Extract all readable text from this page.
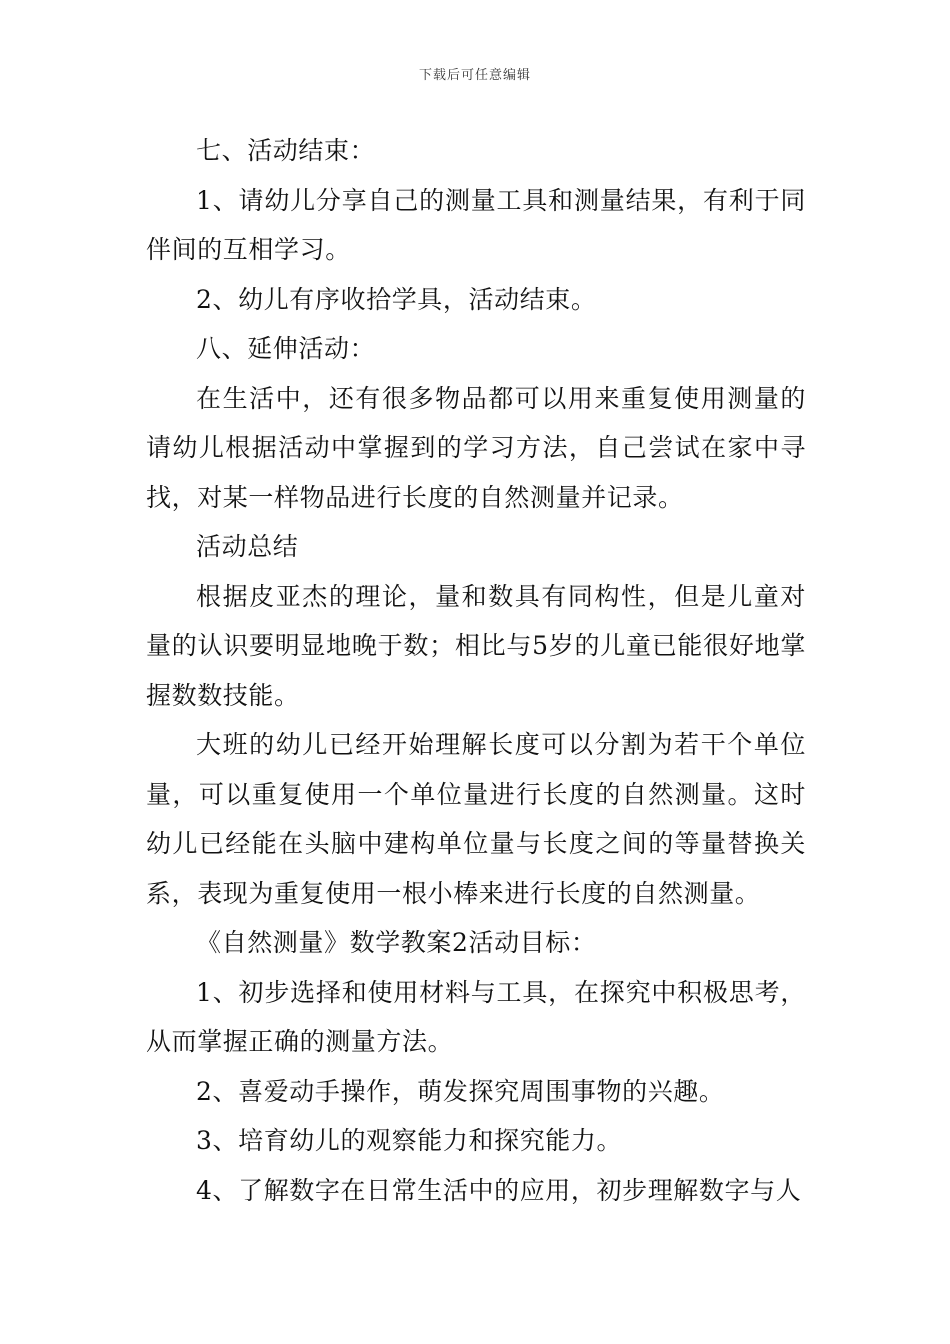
下载后可任意编辑

七、活动结束：

1、请幼儿分享自己的测量工具和测量结果，有利于同伴间的互相学习。

2、幼儿有序收拾学具，活动结束。

八、延伸活动：

在生活中，还有很多物品都可以用来重复使用测量的请幼儿根据活动中掌握到的学习方法，自己尝试在家中寻找，对某一样物品进行长度的自然测量并记录。

活动总结

根据皮亚杰的理论，量和数具有同构性，但是儿童对量的认识要明显地晚于数；相比与5岁的儿童已能很好地掌握数数技能。

大班的幼儿已经开始理解长度可以分割为若干个单位量，可以重复使用一个单位量进行长度的自然测量。这时幼儿已经能在头脑中建构单位量与长度之间的等量替换关系，表现为重复使用一根小棒来进行长度的自然测量。

《自然测量》数学教案2活动目标：

1、初步选择和使用材料与工具，在探究中积极思考，从而掌握正确的测量方法。

2、喜爱动手操作，萌发探究周围事物的兴趣。

3、培育幼儿的观察能力和探究能力。

4、了解数字在日常生活中的应用，初步理解数字与人
